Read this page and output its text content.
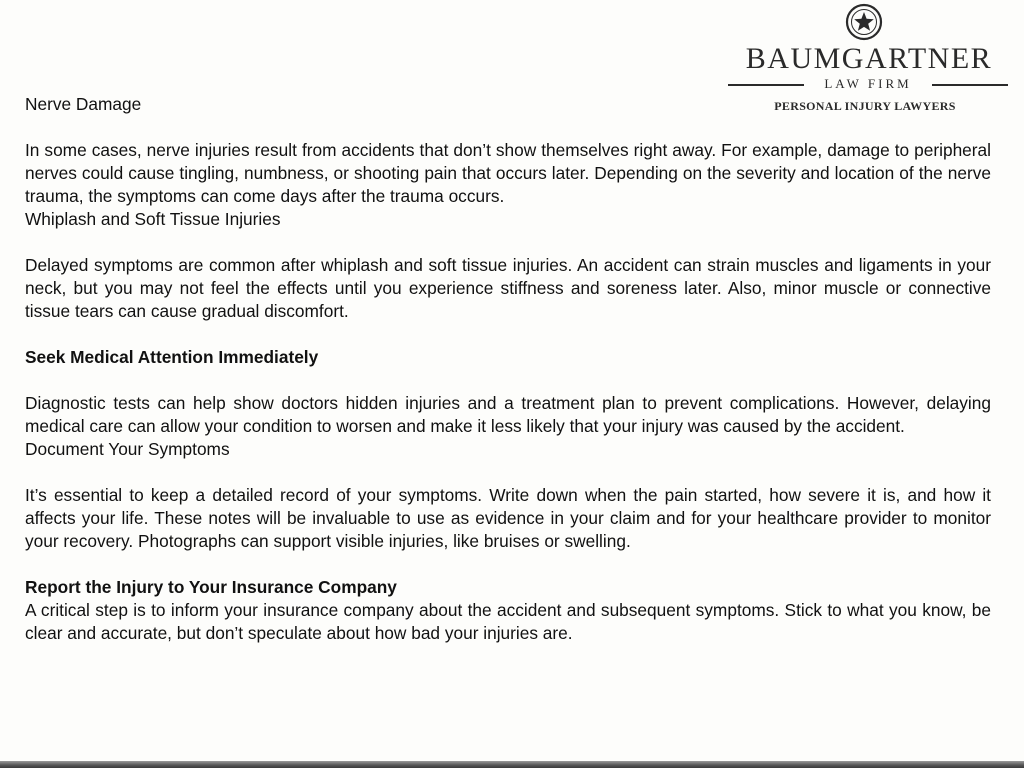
BAUMGARTNER
LAW FIRM
PERSONAL INJURY LAWYERS

Nerve Damage

In some cases, nerve injuries result from accidents that don’t show themselves right away. For example, damage to peripheral nerves could cause tingling, numbness, or shooting pain that occurs later. Depending on the severity and location of the nerve trauma, the symptoms can come days after the trauma occurs.

Whiplash and Soft Tissue Injuries

Delayed symptoms are common after whiplash and soft tissue injuries. An accident can strain muscles and ligaments in your neck, but you may not feel the effects until you experience stiffness and soreness later. Also, minor muscle or connective tissue tears can cause gradual discomfort.

Seek Medical Attention Immediately

Diagnostic tests can help show doctors hidden injuries and a treatment plan to prevent complications. However, delaying medical care can allow your condition to worsen and make it less likely that your injury was caused by the accident.

Document Your Symptoms

It’s essential to keep a detailed record of your symptoms. Write down when the pain started, how severe it is, and how it affects your life. These notes will be invaluable to use as evidence in your claim and for your healthcare provider to monitor your recovery. Photographs can support visible injuries, like bruises or swelling.

Report the Injury to Your Insurance Company

A critical step is to inform your insurance company about the accident and subsequent symptoms. Stick to what you know, be clear and accurate, but don’t speculate about how bad your injuries are.
